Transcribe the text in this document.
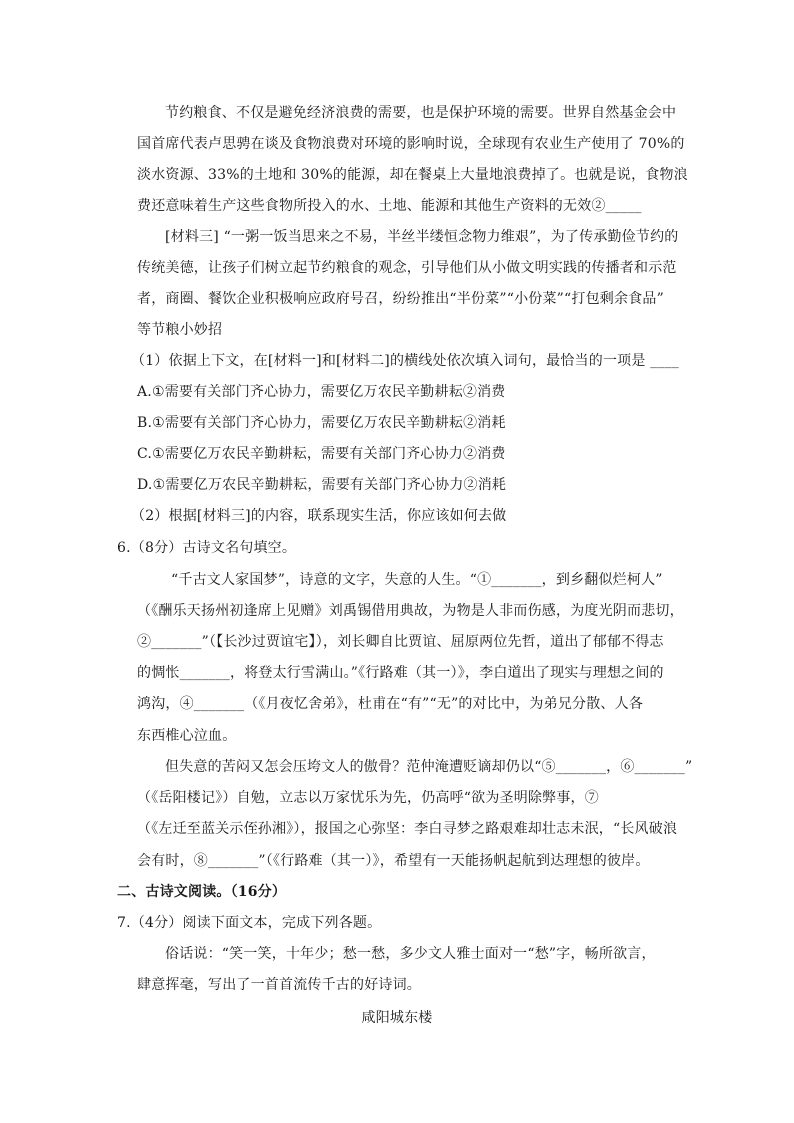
节约粮食、不仅是避免经济浪费的需要，也是保护环境的需要。世界自然基金会中
国首席代表卢思骋在谈及食物浪费对环境的影响时说，全球现有农业生产使用了 70%的
淡水资源、33%的土地和 30%的能源，却在餐桌上大量地浪费掉了。也就是说，食物浪
费还意味着生产这些食物所投入的水、土地、能源和其他生产资料的无效②_____
[材料三] “一粥一饭当思来之不易，半丝半缕恒念物力维艰”，为了传承勤俭节约的
传统美德，让孩子们树立起节约粮食的观念，引导他们从小做文明实践的传播者和示范
者，商圈、餐饮企业积极响应政府号召，纷纷推出“半份菜”“小份菜”“打包剩余食品”
等节粮小妙招
（1）依据上下文，在[材料一]和[材料二]的横线处依次填入词句，最恰当的一项是 ____
A.①需要有关部门齐心协力，需要亿万农民辛勤耕耘②消费
B.①需要有关部门齐心协力，需要亿万农民辛勤耕耘②消耗
C.①需要亿万农民辛勤耕耘，需要有关部门齐心协力②消费
D.①需要亿万农民辛勤耕耘，需要有关部门齐心协力②消耗
（2）根据[材料三]的内容，联系现实生活，你应该如何去做
6.（8分）古诗文名句填空。
“千古文人家国梦”，诗意的文字，失意的人生。“①_______，到乡翻似烂柯人”
（《酬乐天扬州初逢席上见赠》刘禹锡借用典故，为物是人非而伤感，为度光阴而悲切，
②_______”（【长沙过贾谊宅】），刘长卿自比贾谊、屈原两位先哲，道出了郁郁不得志
的惆怅_______，将登太行雪满山。”《行路难（其一）》，李白道出了现实与理想之间的
鸿沟，④_______（《月夜忆舍弟》，杜甫在“有”“无”的对比中，为弟兄分散、人各
东西椎心泣血。
但失意的苦闷又怎会压垮文人的傲骨？范仲淹遭贬谪却仍以“⑤_______，⑥_______”
（《岳阳楼记》）自勉，立志以万家忧乐为先，仍高呼“欲为圣明除弊事，⑦
（《左迁至蓝关示侄孙湘》），报国之心弥坚：李白寻梦之路艰难却壮志未泯，“长风破浪
会有时，⑧_______”（《行路难（其一）》，希望有一天能扬帆起航到达理想的彼岸。
二、古诗文阅读。（16分）
7.（4分）阅读下面文本，完成下列各题。
俗话说：“笑一笑，十年少；愁一愁，多少文人雅士面对一“愁”字，畅所欲言，
肆意挥毫，写出了一首首流传千古的好诗词。
咸阳城东楼
